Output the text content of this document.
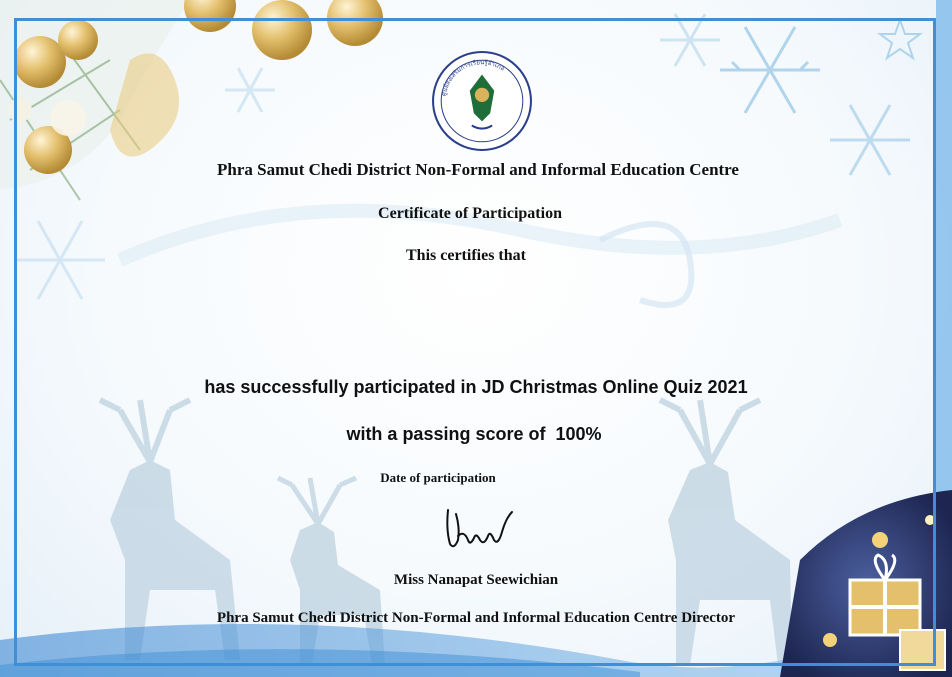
ศูนย์ส่งเสริมการเรียนรู้อำเภอ
Phra Samut Chedi District Non-Formal and Informal Education Centre
Certificate of Participation
This certifies that
has successfully participated in JD Christmas Online Quiz 2021
with a passing score of 100%
Date of participation
Miss Nanapat Seewichian
Phra Samut Chedi District Non-Formal and Informal Education Centre Director
